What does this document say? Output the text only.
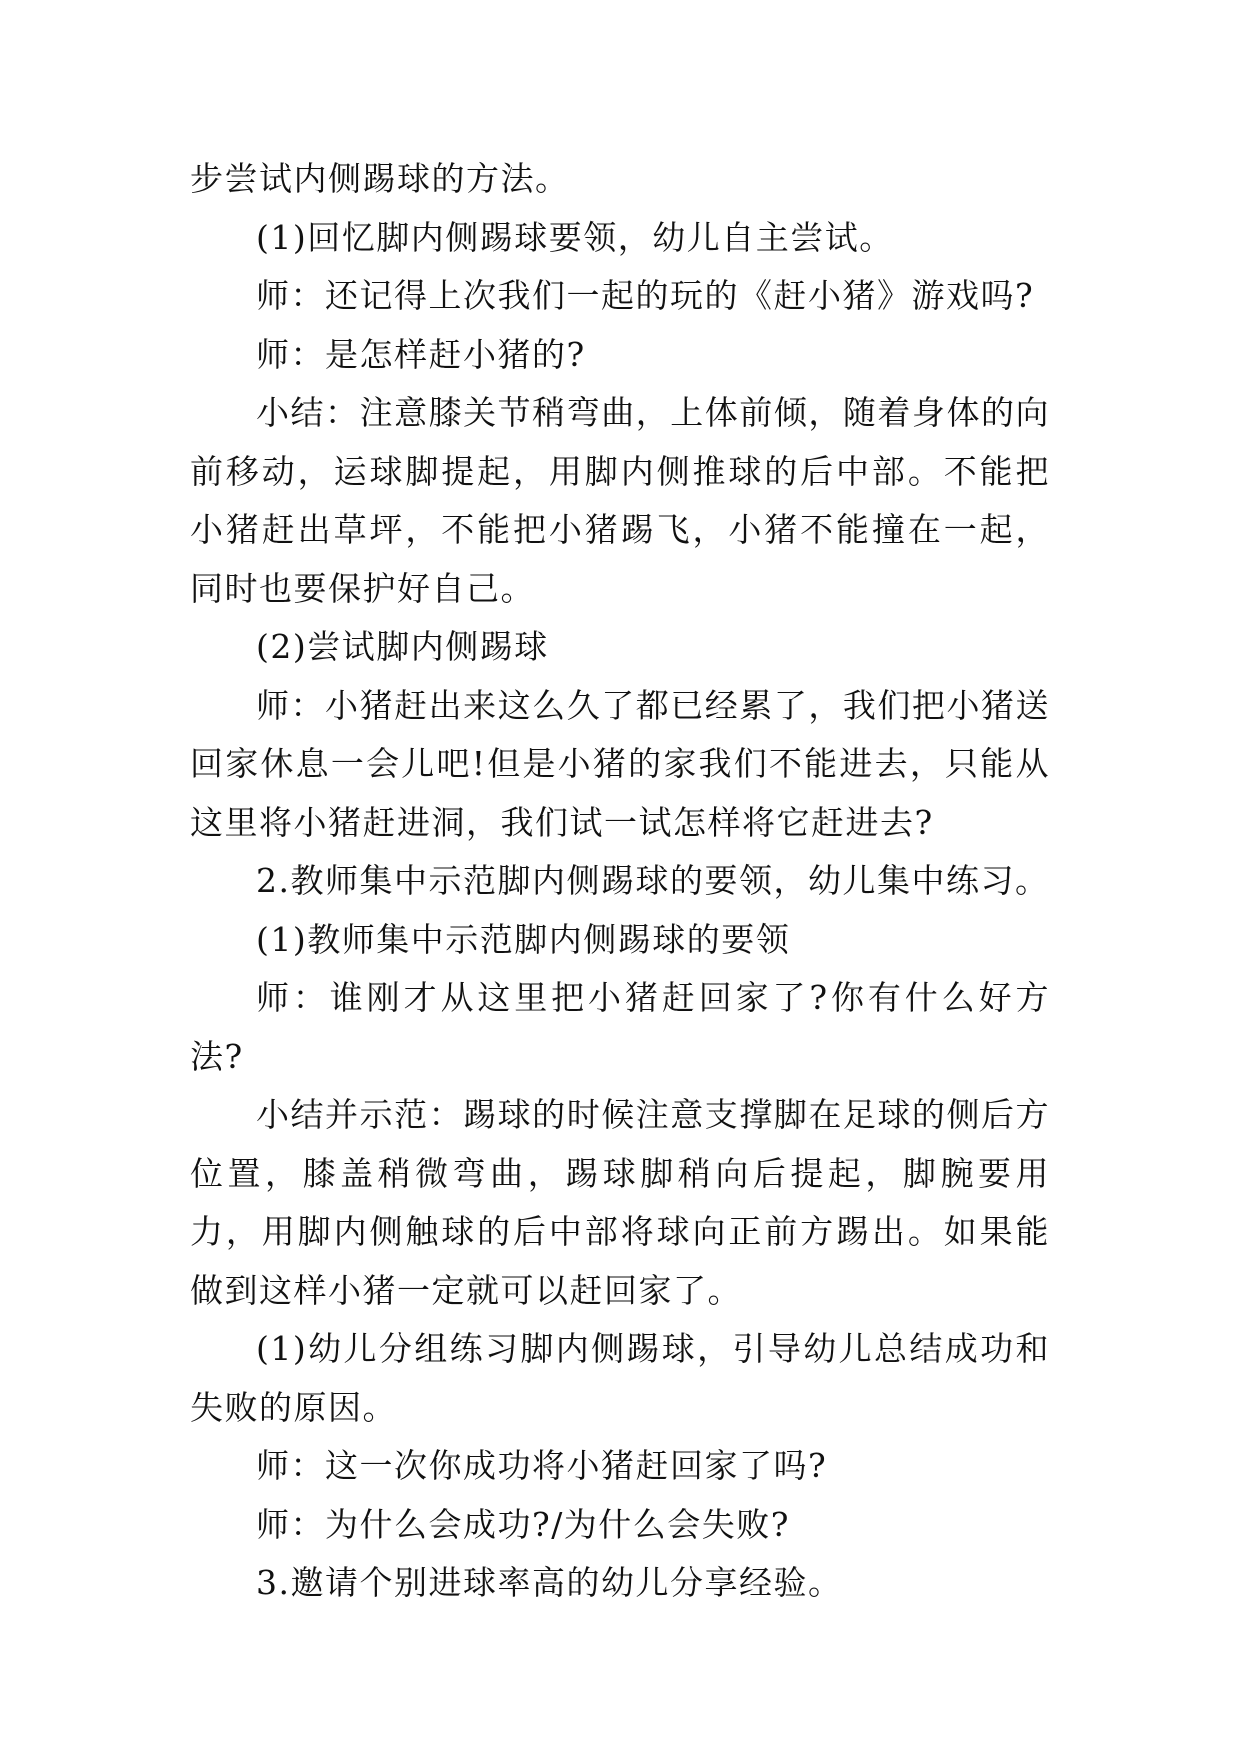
步尝试内侧踢球的方法。

(1)回忆脚内侧踢球要领，幼儿自主尝试。

师：还记得上次我们一起的玩的《赶小猪》游戏吗?

师：是怎样赶小猪的?

小结：注意膝关节稍弯曲，上体前倾，随着身体的向前移动，运球脚提起，用脚内侧推球的后中部。不能把小猪赶出草坪，不能把小猪踢飞，小猪不能撞在一起，同时也要保护好自己。

(2)尝试脚内侧踢球

师：小猪赶出来这么久了都已经累了，我们把小猪送回家休息一会儿吧!但是小猪的家我们不能进去，只能从这里将小猪赶进洞，我们试一试怎样将它赶进去?

2.教师集中示范脚内侧踢球的要领，幼儿集中练习。

(1)教师集中示范脚内侧踢球的要领

师：谁刚才从这里把小猪赶回家了?你有什么好方法?

小结并示范：踢球的时候注意支撑脚在足球的侧后方位置，膝盖稍微弯曲，踢球脚稍向后提起，脚腕要用力，用脚内侧触球的后中部将球向正前方踢出。如果能做到这样小猪一定就可以赶回家了。

(1)幼儿分组练习脚内侧踢球，引导幼儿总结成功和失败的原因。

师：这一次你成功将小猪赶回家了吗?

师：为什么会成功?/为什么会失败?

3.邀请个别进球率高的幼儿分享经验。
